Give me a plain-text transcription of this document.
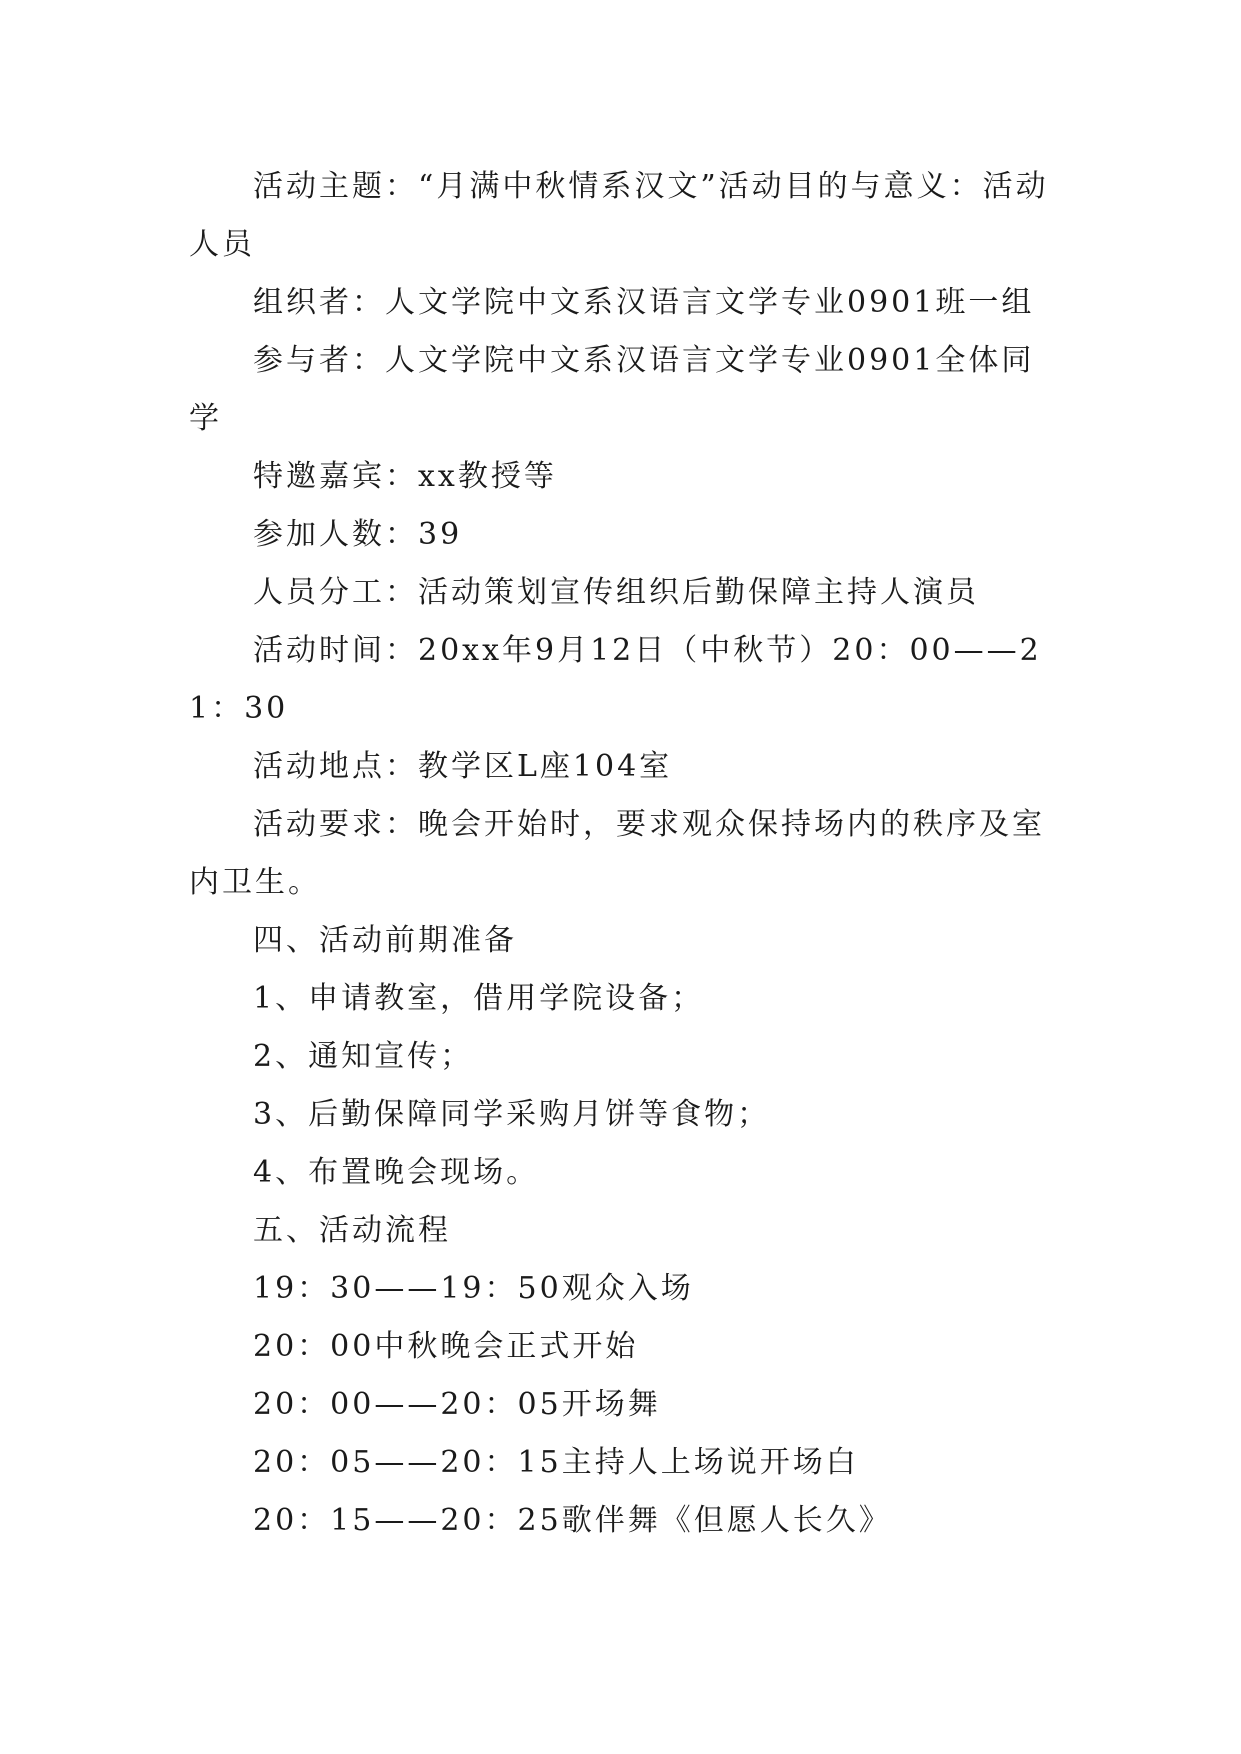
活动主题：“月满中秋情系汉文”活动目的与意义：活动人员

组织者：人文学院中文系汉语言文学专业0901班一组

参与者：人文学院中文系汉语言文学专业0901全体同学

特邀嘉宾：xx教授等

参加人数：39

人员分工：活动策划宣传组织后勤保障主持人演员

活动时间：20xx年9月12日（中秋节）20：00——21：30

活动地点：教学区L座104室

活动要求：晚会开始时，要求观众保持场内的秩序及室内卫生。

四、活动前期准备

1、申请教室，借用学院设备；

2、通知宣传；

3、后勤保障同学采购月饼等食物；

4、布置晚会现场。

五、活动流程

19：30——19：50观众入场

20：00中秋晚会正式开始

20：00——20：05开场舞

20：05——20：15主持人上场说开场白

20：15——20：25歌伴舞《但愿人长久》
